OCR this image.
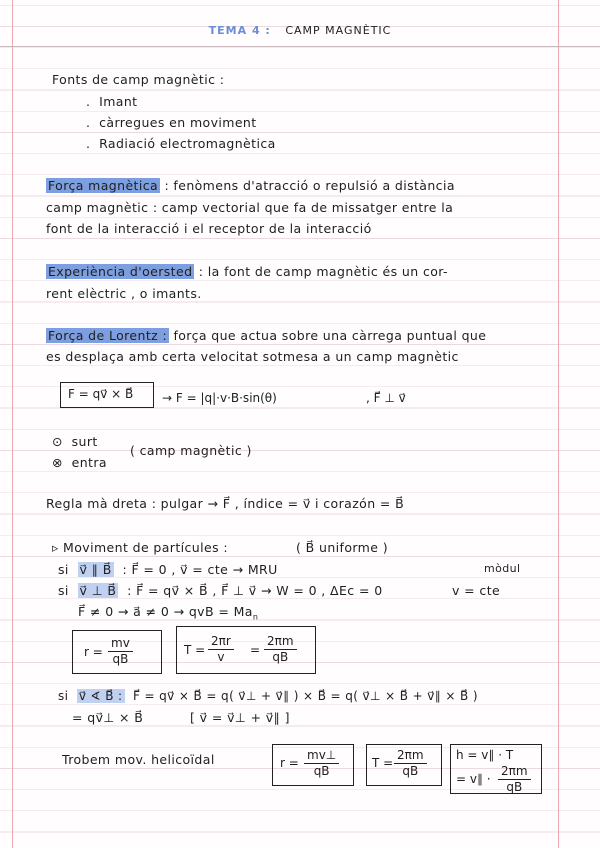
TEMA 4 : CAMP MAGNÈTIC
Fonts de camp magnètic :
.  Imant
.  càrregues en moviment
.  Radiació electromagnètica
Força magnètica : fenòmens d'atracció o repulsió a distància
camp magnètic : camp vectorial que fa de missatger entre la
font de la interacció i el receptor de la interacció
Experiència d'oersted : la font de camp magnètic és un cor-
rent elèctric , o imants.
Força de Lorentz : força que actua sobre una càrrega puntual que
es desplaça amb certa velocitat sotmesa a un camp magnètic
F = qv⃗ × B⃗ → F = |q|·v·B·sin(θ)	, F⃗ ⊥ v⃗
⊙ surt
⊗ entra
( camp magnètic )
Regla mà dreta : pulgar → F⃗ , índice = v⃗ i corazón = B⃗
▹ Moviment de partícules :	( B⃗ uniforme )
si v⃗ ∥ B⃗ : F⃗ = 0 , v⃗ = cte → MRU	mòdul
si v⃗ ⊥ B⃗ : F⃗ = qv⃗ × B⃗ , F⃗ ⊥ v⃗ → W = 0 , ΔEc = 0	v = cte
F⃗ ≠ 0 → a⃗ ≠ 0 → qvB = $Ma_n$
$r = \frac{mv}{qB}$	$T = \frac{2\pi r}{v} = \frac{2\pi m}{qB}$
si v⃗ ∢ B⃗ : F⃗ = qv⃗ × B⃗ = q( v⃗⊥ + v⃗∥ ) × B⃗ = q( v⃗⊥ × B⃗ + v⃗∥ × B⃗ )
= qv⃗⊥ × B⃗	[ v⃗ = v⃗⊥ + v⃗∥ ]
Trobem mov. helicoïdal	$r = \frac{mv\perp}{qB}$	$T = \frac{2\pi m}{qB}$ h = v∥ · T
= v∥ · $\frac{2\pi m}{qB}$
